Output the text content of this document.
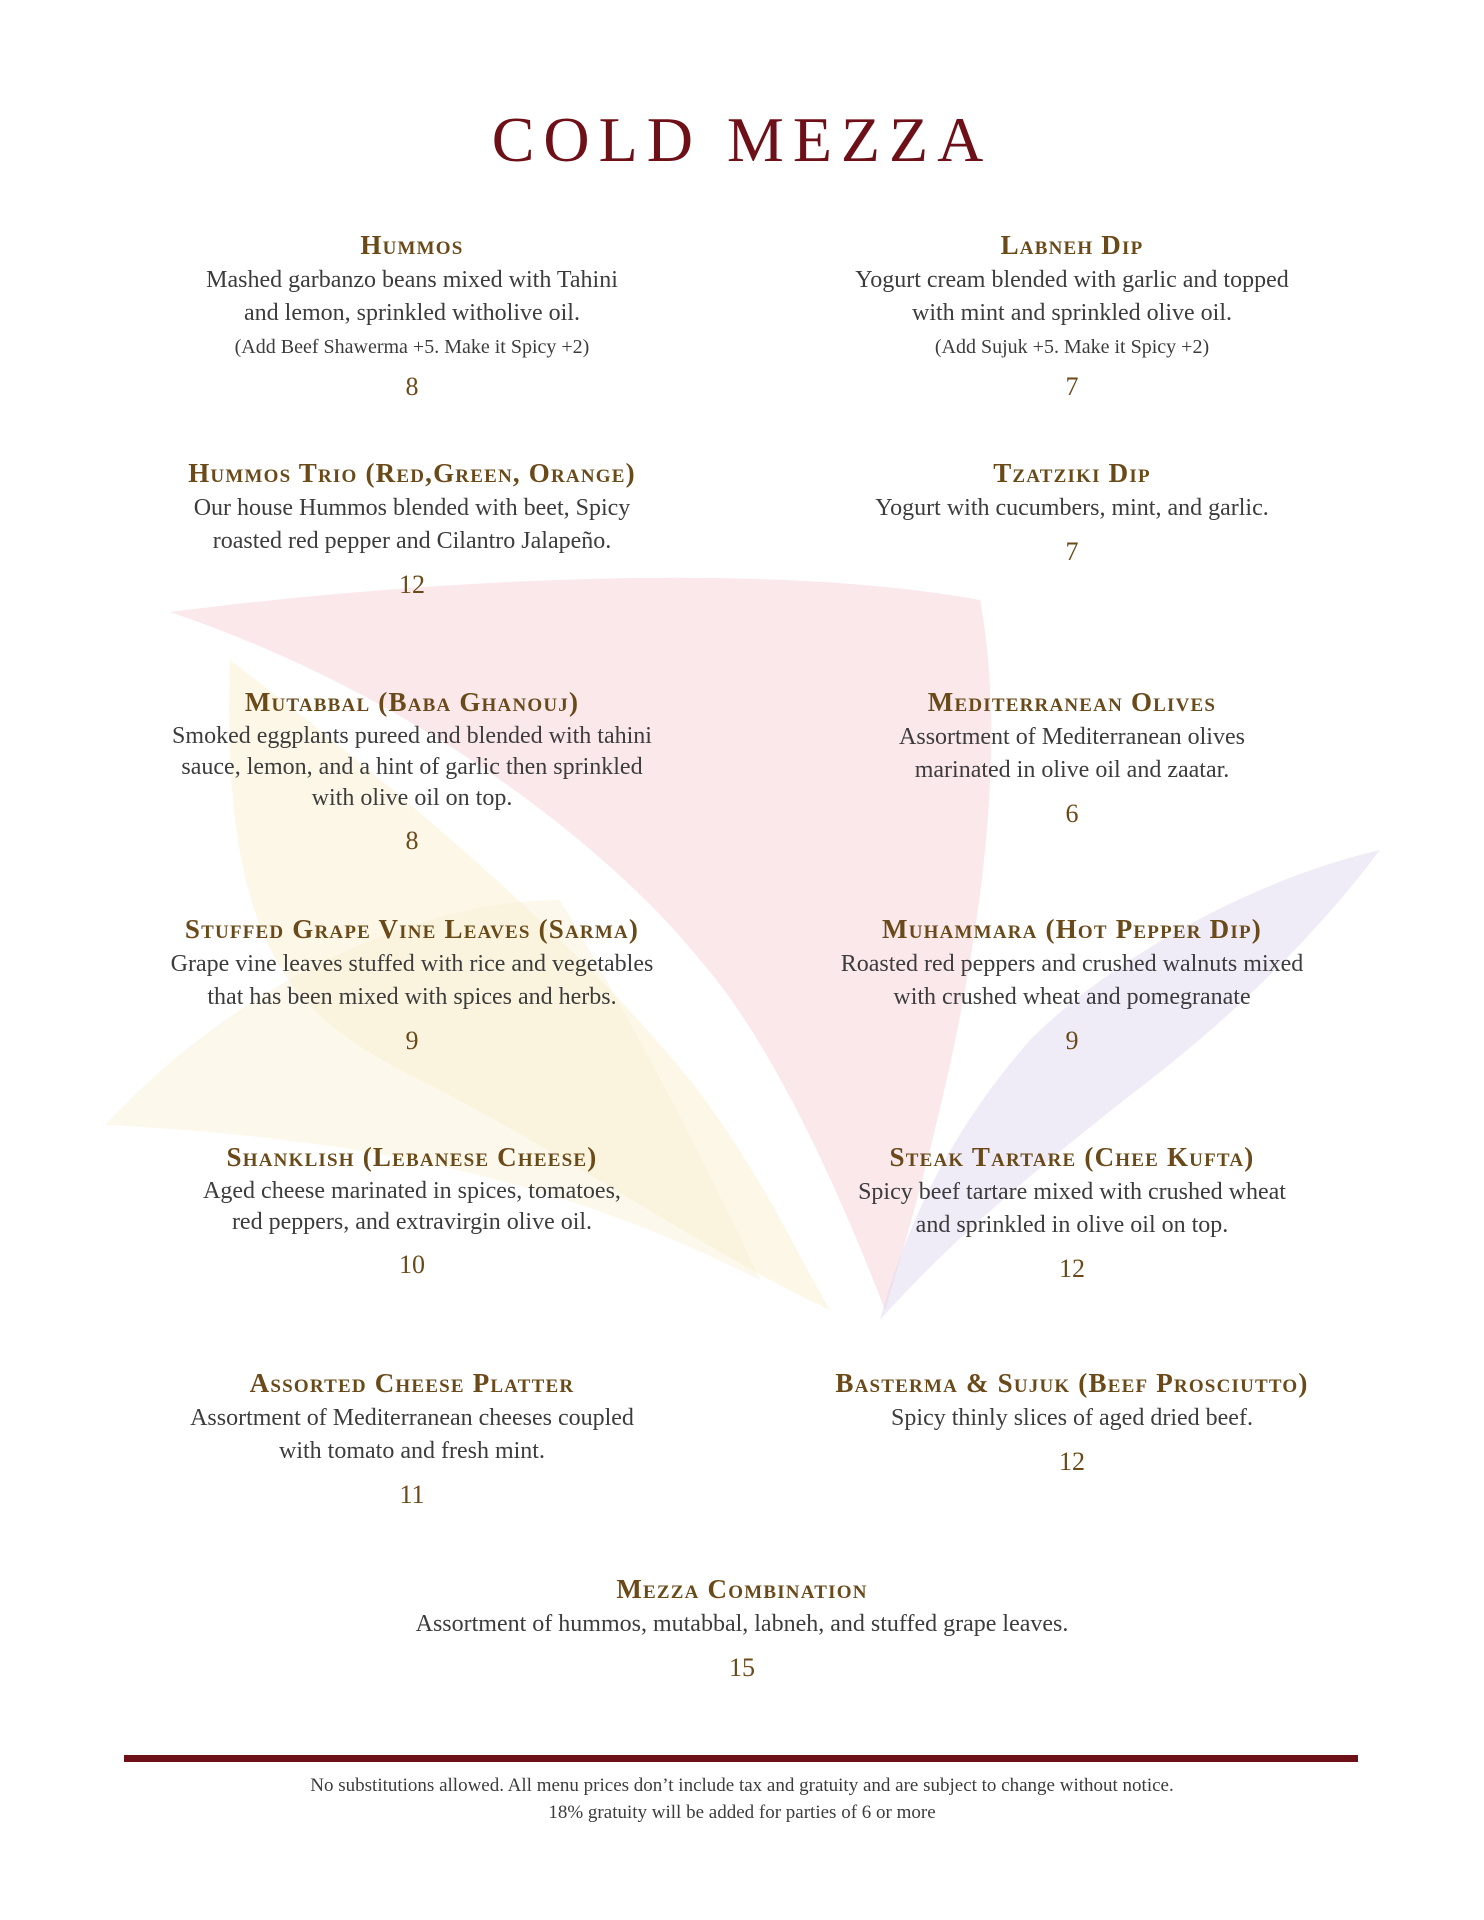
COLD MEZZA
Hummos
Mashed garbanzo beans mixed with Tahini
and lemon, sprinkled witholive oil.
(Add Beef Shawerma +5. Make it Spicy +2)
8
Labneh Dip
Yogurt cream blended with garlic and topped
with mint and sprinkled olive oil.
(Add Sujuk +5. Make it Spicy +2)
7
Hummos Trio (Red,Green, Orange)
Our house Hummos blended with beet, Spicy
roasted red pepper and Cilantro Jalapeño.
12
Tzatziki Dip
Yogurt with cucumbers, mint, and garlic.
7
Mutabbal (Baba Ghanouj)
Smoked eggplants pureed and blended with tahini
sauce, lemon, and a hint of garlic then sprinkled
with olive oil on top.
8
Mediterranean Olives
Assortment of Mediterranean olives
marinated in olive oil and zaatar.
6
Stuffed Grape Vine Leaves (Sarma)
Grape vine leaves stuffed with rice and vegetables
that has been mixed with spices and herbs.
9
Muhammara (Hot Pepper Dip)
Roasted red peppers and crushed walnuts mixed
with crushed wheat and pomegranate
9
Shanklish (Lebanese Cheese)
Aged cheese marinated in spices, tomatoes,
red peppers, and extravirgin olive oil.
10
Steak Tartare (Chee Kufta)
Spicy beef tartare mixed with crushed wheat
and sprinkled in olive oil on top.
12
Assorted Cheese Platter
Assortment of Mediterranean cheeses coupled
with tomato and fresh mint.
11
Basterma & Sujuk (Beef Prosciutto)
Spicy thinly slices of aged dried beef.
12
Mezza Combination
Assortment of hummos, mutabbal, labneh, and stuffed grape leaves.
15
No substitutions allowed. All menu prices don’t include tax and gratuity and are subject to change without notice.
18% gratuity will be added for parties of 6 or more
